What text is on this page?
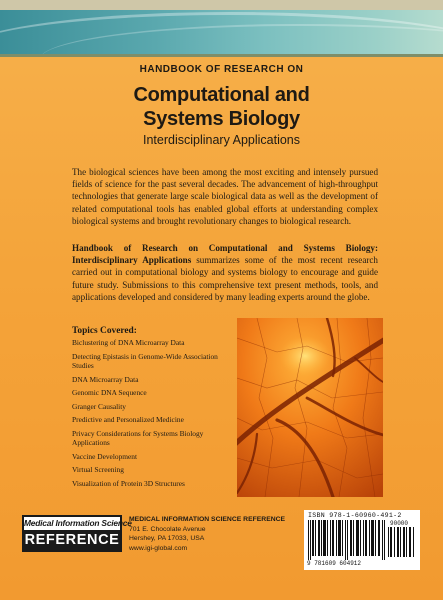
HANDBOOK OF RESEARCH ON
Computational and
Systems Biology
Interdisciplinary Applications

The biological sciences have been among the most exciting and intensely pursued fields of science for the past several decades. The advancement of high-throughput technologies that generate large scale biological data as well as the development of related computational tools has enabled global efforts at understanding complex biological systems and brought revolutionary changes to biological research.

Handbook of Research on Computational and Systems Biology: Interdisciplinary Applications summarizes some of the most recent research carried out in computational biology and systems biology to encourage and guide future study. Submissions to this comprehensive text present methods, tools, and applications developed and considered by many leading experts around the globe.

Topics Covered:
Biclustering of DNA Microarray Data
Detecting Epistasis in Genome-Wide Association Studies
DNA Microarray Data
Genomic DNA Sequence
Granger Causality
Predictive and Personalized Medicine
Privacy Considerations for Systems Biology Applications
Vaccine Development
Virtual Screening
Visualization of Protein 3D Structures
Medical Information Science
REFERENCE
MEDICAL INFORMATION SCIENCE REFERENCE
701 E. Chocolate Avenue
Hershey, PA 17033, USA
www.igi-global.com
ISBN 978-1-60960-491-2
90000
9 781609 604912
